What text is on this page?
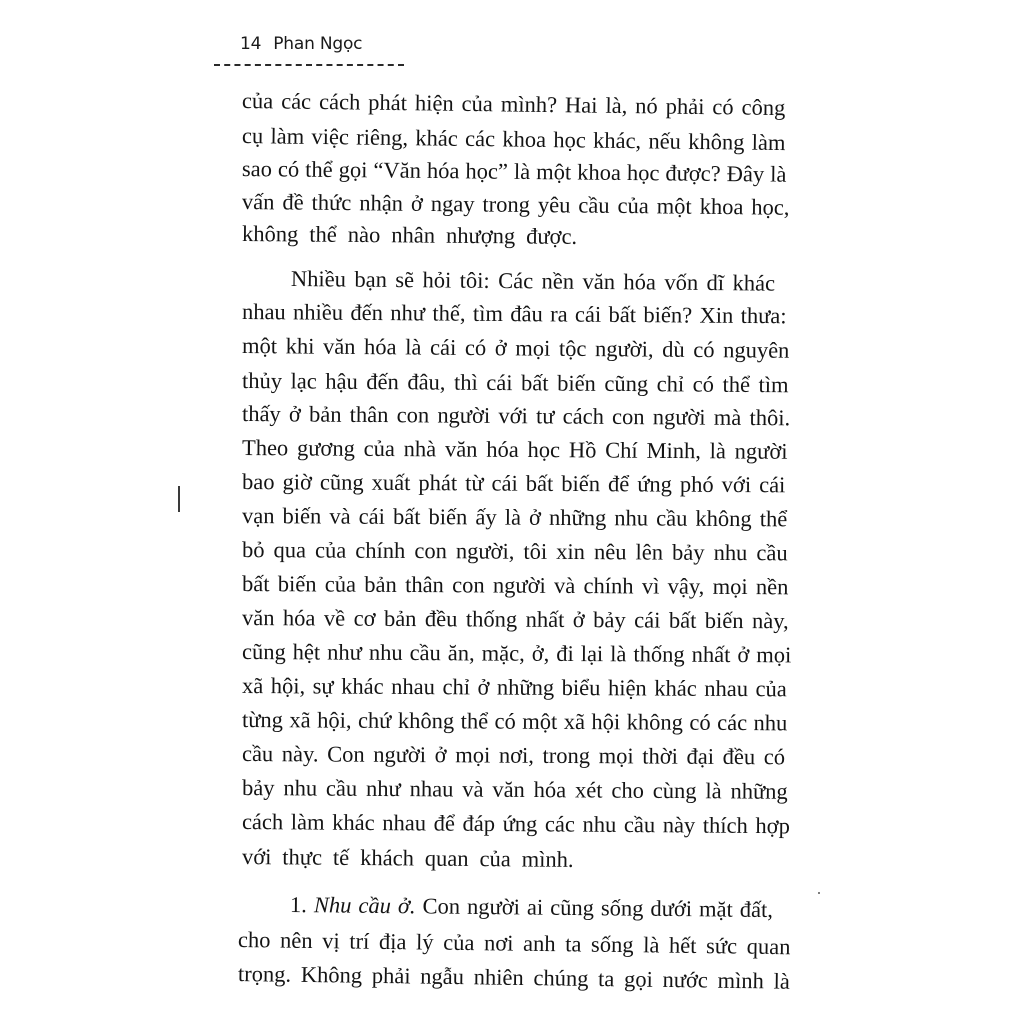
14 Phan Ngọc
của các cách phát hiện của mình? Hai là, nó phải có công
cụ làm việc riêng, khác các khoa học khác, nếu không làm
sao có thể gọi “Văn hóa học” là một khoa học được? Đây là
vấn đề thức nhận ở ngay trong yêu cầu của một khoa học,
không thể nào nhân nhượng được.
Nhiều bạn sẽ hỏi tôi: Các nền văn hóa vốn dĩ khác
nhau nhiều đến như thế, tìm đâu ra cái bất biến? Xin thưa:
một khi văn hóa là cái có ở mọi tộc người, dù có nguyên
thủy lạc hậu đến đâu, thì cái bất biến cũng chỉ có thể tìm
thấy ở bản thân con người với tư cách con người mà thôi.
Theo gương của nhà văn hóa học Hồ Chí Minh, là người
bao giờ cũng xuất phát từ cái bất biến để ứng phó với cái
vạn biến và cái bất biến ấy là ở những nhu cầu không thể
bỏ qua của chính con người, tôi xin nêu lên bảy nhu cầu
bất biến của bản thân con người và chính vì vậy, mọi nền
văn hóa về cơ bản đều thống nhất ở bảy cái bất biến này,
cũng hệt như nhu cầu ăn, mặc, ở, đi lại là thống nhất ở mọi
xã hội, sự khác nhau chỉ ở những biểu hiện khác nhau của
từng xã hội, chứ không thể có một xã hội không có các nhu
cầu này. Con người ở mọi nơi, trong mọi thời đại đều có
bảy nhu cầu như nhau và văn hóa xét cho cùng là những
cách làm khác nhau để đáp ứng các nhu cầu này thích hợp
với thực tế khách quan của mình.
1. Nhu cầu ở. Con người ai cũng sống dưới mặt đất,
cho nên vị trí địa lý của nơi anh ta sống là hết sức quan
trọng. Không phải ngẫu nhiên chúng ta gọi nước mình là
